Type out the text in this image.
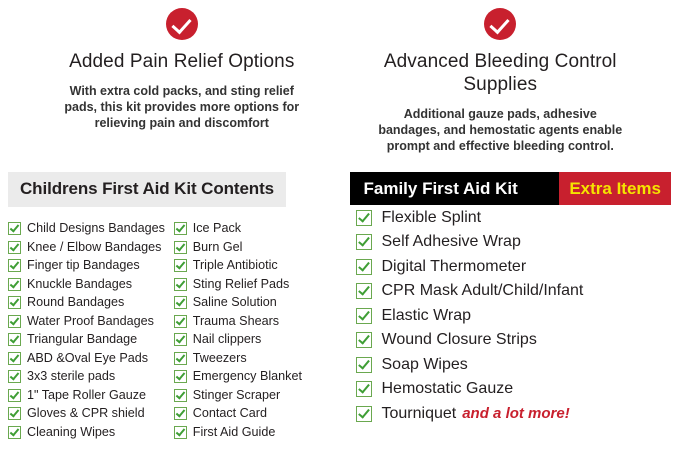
Added Pain Relief Options
With extra cold packs, and sting relief pads, this kit provides more options for relieving pain and discomfort
Advanced Bleeding Control Supplies
Additional gauze pads, adhesive bandages, and hemostatic agents enable prompt and effective bleeding control.
Childrens First Aid Kit Contents
Child Designs Bandages
Knee / Elbow Bandages
Finger tip Bandages
Knuckle Bandages
Round Bandages
Water Proof Bandages
Triangular Bandage
ABD &Oval Eye Pads
3x3 sterile pads
1" Tape Roller Gauze
Gloves & CPR shield
Cleaning Wipes
Ice Pack
Burn Gel
Triple Antibiotic
Sting Relief Pads
Saline Solution
Trauma Shears
Nail clippers
Tweezers
Emergency Blanket
Stinger Scraper
Contact Card
First Aid Guide
Family First Aid Kit	Extra Items
Flexible Splint
Self Adhesive Wrap
Digital Thermometer
CPR Mask Adult/Child/Infant
Elastic Wrap
Wound Closure Strips
Soap Wipes
Hemostatic Gauze
Tourniquet and a lot more!
